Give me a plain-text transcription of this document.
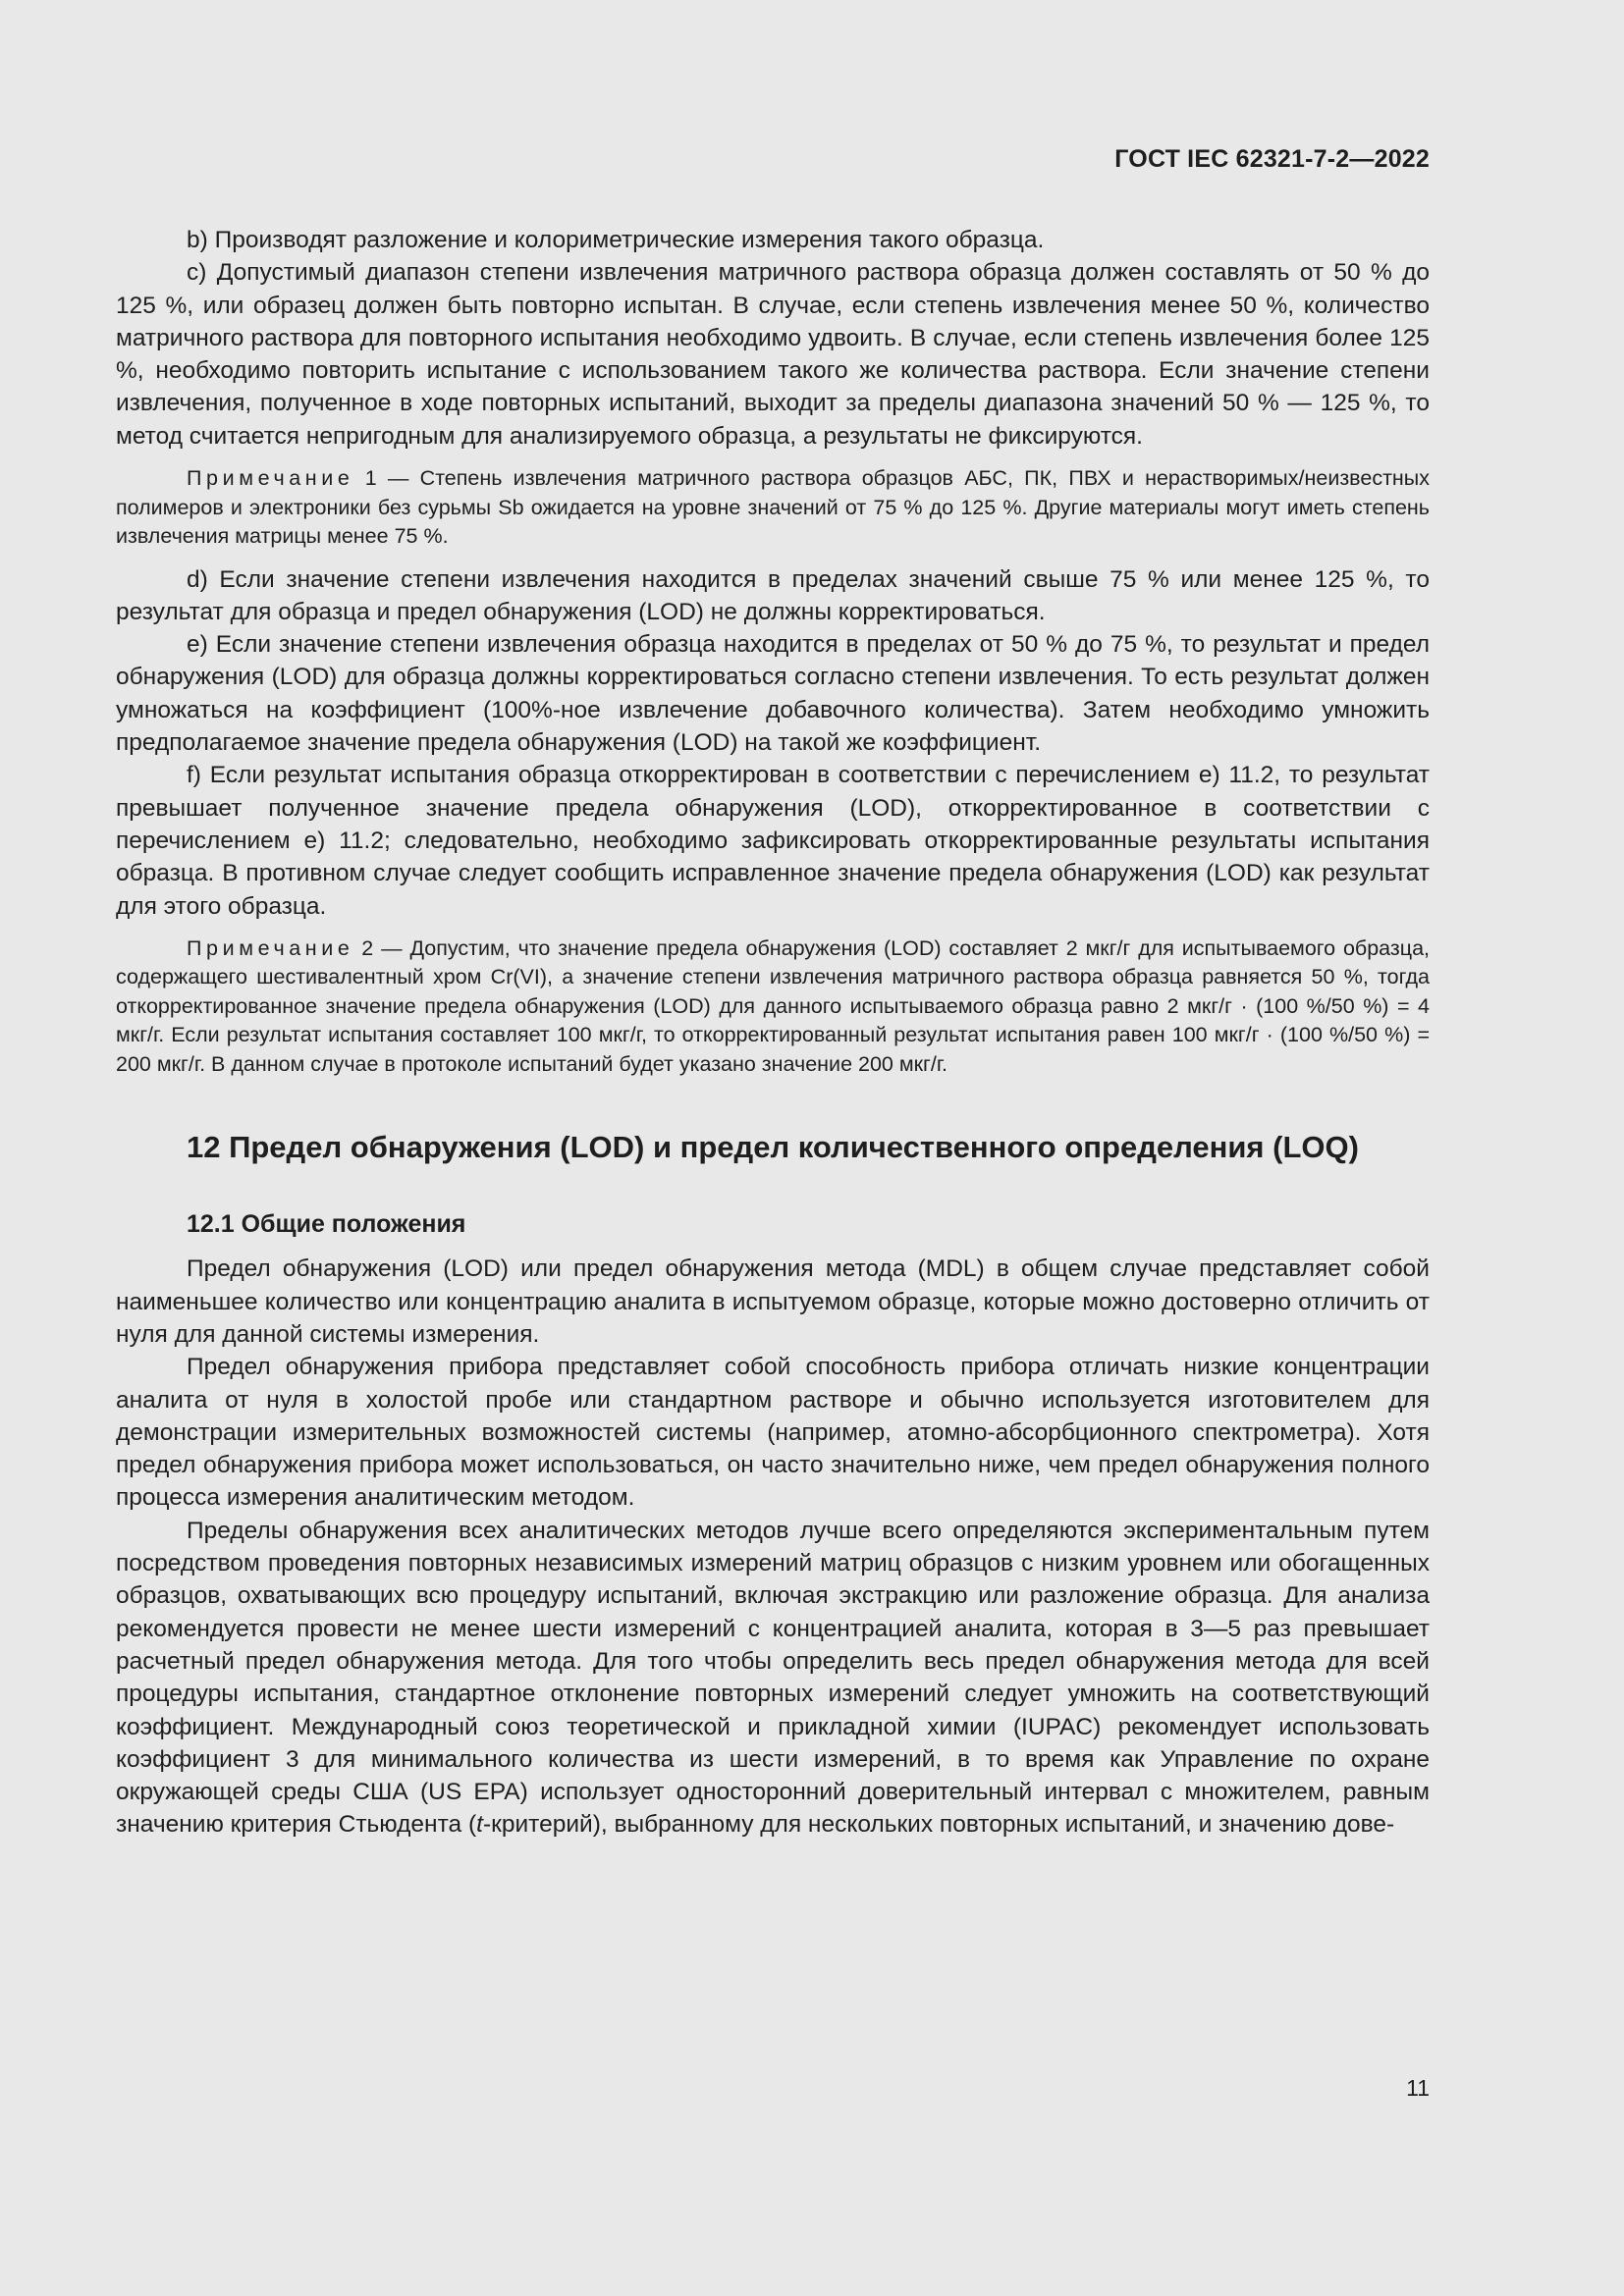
ГОСТ IEC 62321-7-2—2022

b) Производят разложение и колориметрические измерения такого образца.

c) Допустимый диапазон степени извлечения матричного раствора образца должен составлять от 50 % до 125 %, или образец должен быть повторно испытан. В случае, если степень извлечения менее 50 %, количество матричного раствора для повторного испытания необходимо удвоить. В случае, если степень извлечения более 125 %, необходимо повторить испытание с использованием такого же количества раствора. Если значение степени извлечения, полученное в ходе повторных испытаний, выходит за пределы диапазона значений 50 % — 125 %, то метод считается непригодным для анализируемого образца, а результаты не фиксируются.

Примечание 1 — Степень извлечения матричного раствора образцов АБС, ПК, ПВХ и нерастворимых/неизвестных полимеров и электроники без сурьмы Sb ожидается на уровне значений от 75 % до 125 %. Другие материалы могут иметь степень извлечения матрицы менее 75 %.

d) Если значение степени извлечения находится в пределах значений свыше 75 % или менее 125 %, то результат для образца и предел обнаружения (LOD) не должны корректироваться.

e) Если значение степени извлечения образца находится в пределах от 50 % до 75 %, то результат и предел обнаружения (LOD) для образца должны корректироваться согласно степени извлечения. То есть результат должен умножаться на коэффициент (100%-ное извлечение добавочного количества). Затем необходимо умножить предполагаемое значение предела обнаружения (LOD) на такой же коэффициент.

f) Если результат испытания образца откорректирован в соответствии с перечислением e) 11.2, то результат превышает полученное значение предела обнаружения (LOD), откорректированное в соответствии с перечислением e) 11.2; следовательно, необходимо зафиксировать откорректированные результаты испытания образца. В противном случае следует сообщить исправленное значение предела обнаружения (LOD) как результат для этого образца.

Примечание 2 — Допустим, что значение предела обнаружения (LOD) составляет 2 мкг/г для испытываемого образца, содержащего шестивалентный хром Cr(VI), а значение степени извлечения матричного раствора образца равняется 50 %, тогда откорректированное значение предела обнаружения (LOD) для данного испытываемого образца равно 2 мкг/г · (100 %/50 %) = 4 мкг/г. Если результат испытания составляет 100 мкг/г, то откорректированный результат испытания равен 100 мкг/г · (100 %/50 %) = 200 мкг/г. В данном случае в протоколе испытаний будет указано значение 200 мкг/г.

12 Предел обнаружения (LOD) и предел количественного определения (LOQ)
12.1 Общие положения

Предел обнаружения (LOD) или предел обнаружения метода (MDL) в общем случае представляет собой наименьшее количество или концентрацию аналита в испытуемом образце, которые можно достоверно отличить от нуля для данной системы измерения.

Предел обнаружения прибора представляет собой способность прибора отличать низкие концентрации аналита от нуля в холостой пробе или стандартном растворе и обычно используется изготовителем для демонстрации измерительных возможностей системы (например, атомно-абсорбционного спектрометра). Хотя предел обнаружения прибора может использоваться, он часто значительно ниже, чем предел обнаружения полного процесса измерения аналитическим методом.

Пределы обнаружения всех аналитических методов лучше всего определяются экспериментальным путем посредством проведения повторных независимых измерений матриц образцов с низким уровнем или обогащенных образцов, охватывающих всю процедуру испытаний, включая экстракцию или разложение образца. Для анализа рекомендуется провести не менее шести измерений с концентрацией аналита, которая в 3—5 раз превышает расчетный предел обнаружения метода. Для того чтобы определить весь предел обнаружения метода для всей процедуры испытания, стандартное отклонение повторных измерений следует умножить на соответствующий коэффициент. Международный союз теоретической и прикладной химии (IUPAC) рекомендует использовать коэффициент 3 для минимального количества из шести измерений, в то время как Управление по охране окружающей среды США (US EPA) использует односторонний доверительный интервал с множителем, равным значению критерия Стьюдента (t-критерий), выбранному для нескольких повторных испытаний, и значению дове-

11
